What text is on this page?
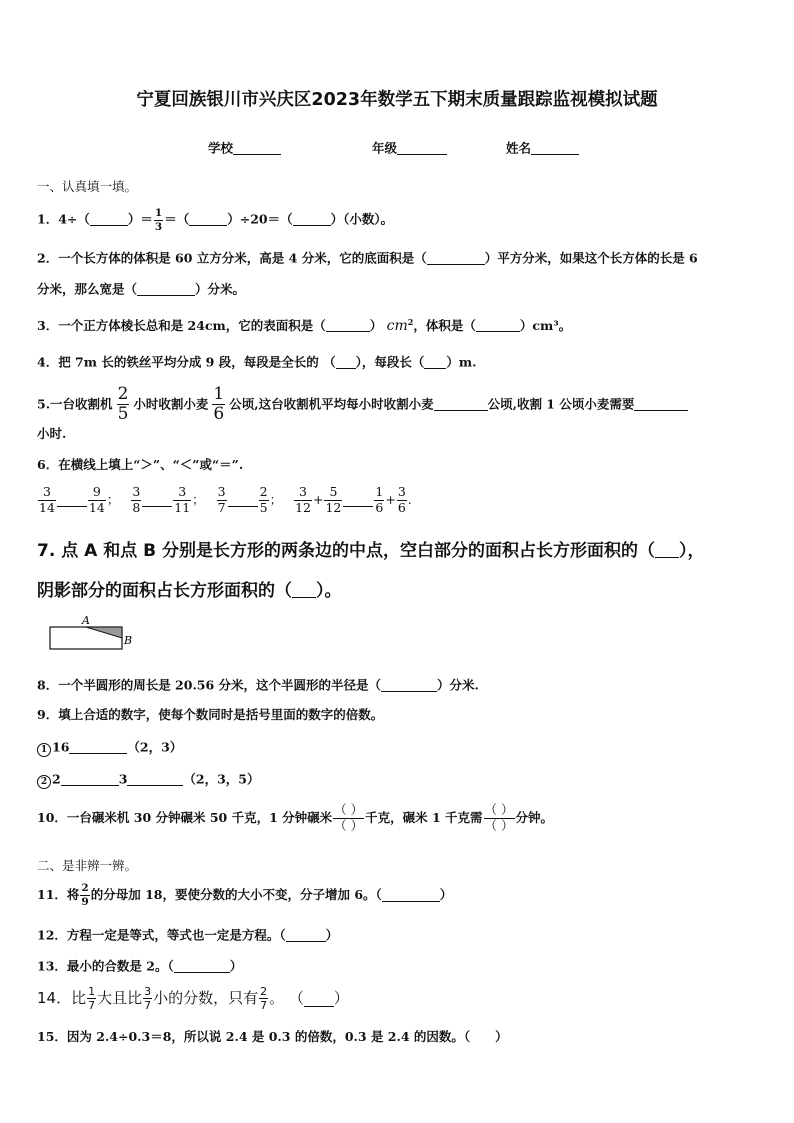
宁夏回族银川市兴庆区2023年数学五下期末质量跟踪监视模拟试题
学校	年级	姓名
一、认真填一填。
1．4÷（	）＝ $\frac{1}{3}$ ＝（	）÷20＝（	）（小数）。
2．一个长方体的体积是 60 立方分米，高是 4 分米，它的底面积是（	）平方分米，如果这个长方体的长是 6
分米，那么宽是（	）分米。
3．一个正方体棱长总和是 24cm，它的表面积是（	） $cm^2$，体积是（	）cm³。
4．把 7m 长的铁丝平均分成 9 段，每段是全长的 （ ），每段长（ ）m.
5.一台收割机 $\frac{2}{5}$ 小时收割小麦 $\frac{1}{6}$ 公顷,这台收割机平均每小时收割小麦	公顷,收割 1 公顷小麦需要
小时.
6．在横线上填上“＞”、“＜”或“＝”.
$\frac{3}{14}$	$\frac{9}{14}$ ； $\frac{3}{8}$	$\frac{3}{11}$ ； $\frac{3}{7}$	$\frac{2}{5}$ ； $\frac{3}{12} + \frac{5}{12}$	$\frac{1}{6} + \frac{3}{6}$ .
7. 点 A 和点 B 分别是长方形的两条边的中点，空白部分的面积占长方形面积的（ ），
阴影部分的面积占长方形面积的（ ）。
A
B
8．一个半圆形的周长是 20.56 分米，这个半圆形的半径是（	）分米.
9．填上合适的数字，使每个数同时是括号里面的数字的倍数。
1 16	（2，3）
2 2	3	（2，3，5）
10．一台碾米机 30 分钟碾米 50 千克，1 分钟碾米 $\frac{( )}{( )}$ 千克，碾米 1 千克需 $\frac{( )}{( )}$ 分钟。
二、是非辨一辨。
11．将 $\frac{2}{9}$ 的分母加 18，要使分数的大小不变，分子增加 6。（	）
12．方程一定是等式，等式也一定是方程。（	）
13．最小的合数是 2。（	）
14．比 $\frac{1}{7}$ 大且比 $\frac{3}{7}$ 小的分数，只有 $\frac{2}{7}$ 。 （ ）
15．因为 2.4÷0.3＝8，所以说 2.4 是 0.3 的倍数，0.3 是 2.4 的因数。（　　）
